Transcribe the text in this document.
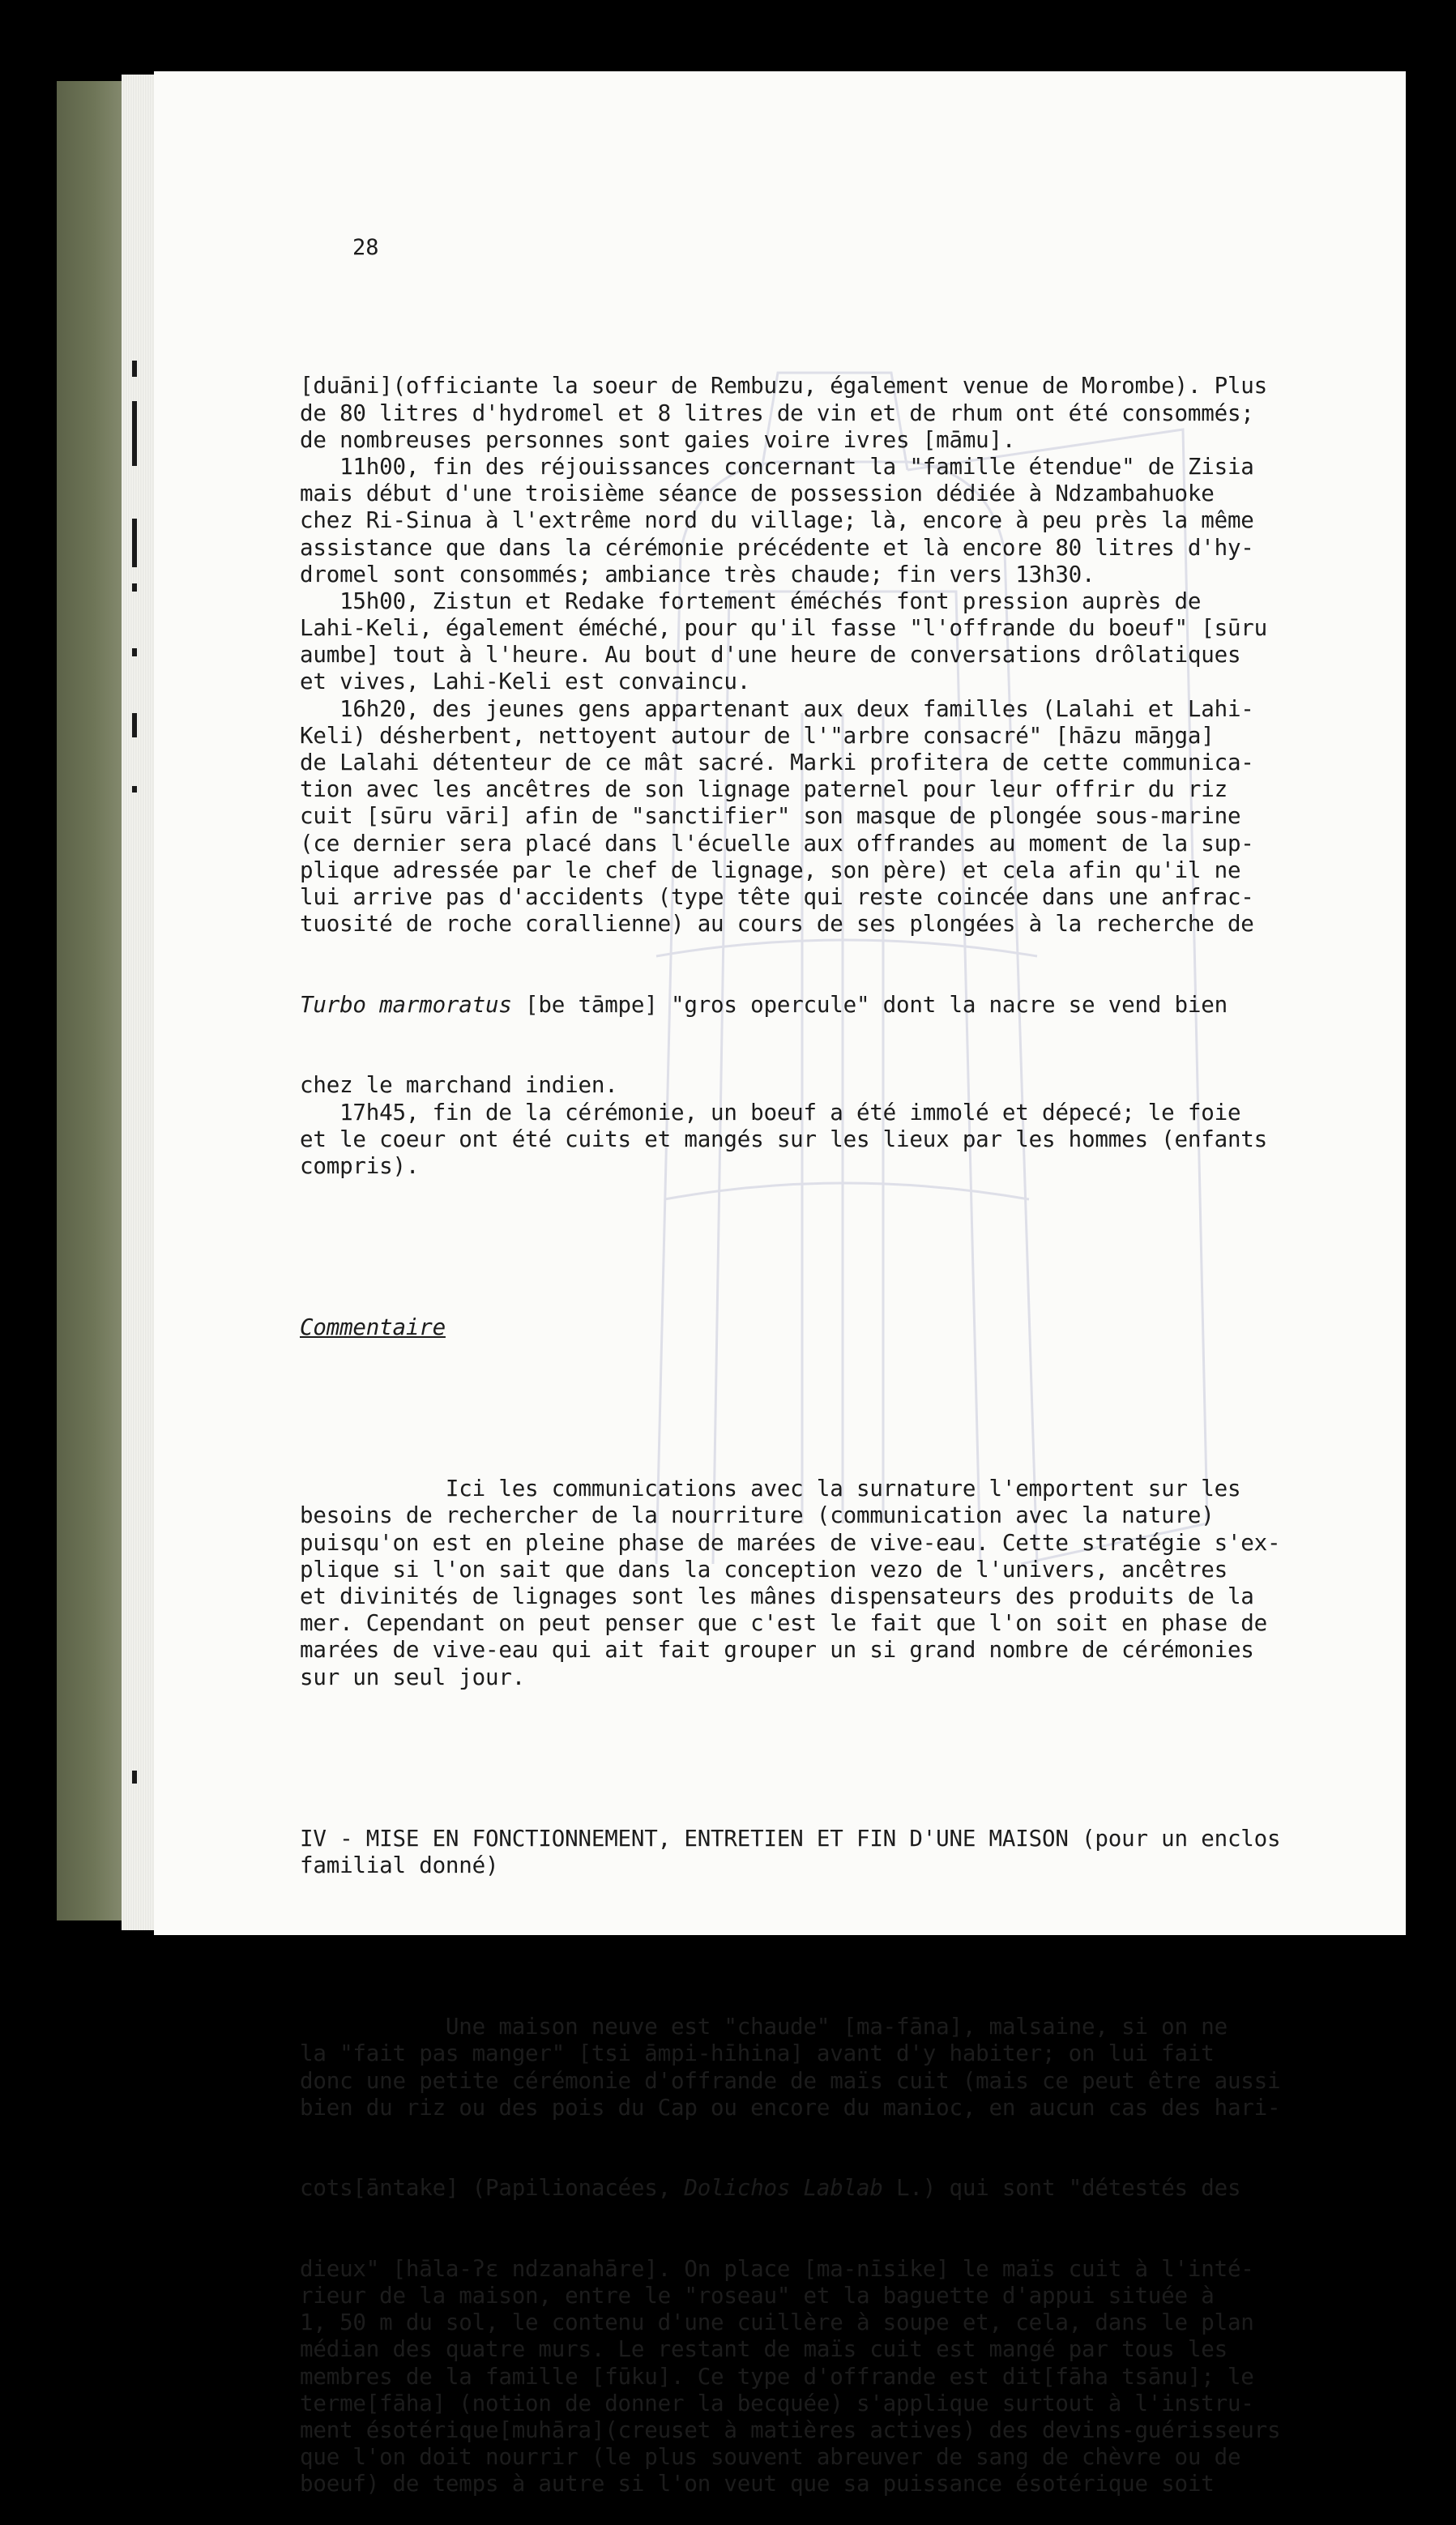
28

[duāni](officiante la soeur de Rembuzu, également venue de Morombe). Plus
de 80 litres d'hydromel et 8 litres de vin et de rhum ont été consommés;
de nombreuses personnes sont gaies voire ivres [māmu].
11h00, fin des réjouissances concernant la "famille étendue" de Zisia
mais début d'une troisième séance de possession dédiée à Ndzambahuoke
chez Ri-Sinua à l'extrême nord du village; là, encore à peu près la même
assistance que dans la cérémonie précédente et là encore 80 litres d'hy-
dromel sont consommés; ambiance très chaude; fin vers 13h30.
15h00, Zistun et Redake fortement éméchés font pression auprès de
Lahi-Keli, également éméché, pour qu'il fasse "l'offrande du boeuf" [sūru
aumbe] tout à l'heure. Au bout d'une heure de conversations drôlatiques
et vives, Lahi-Keli est convaincu.
16h20, des jeunes gens appartenant aux deux familles (Lalahi et Lahi-
Keli) désherbent, nettoyent autour de l'"arbre consacré" [hāzu māŋga]
de Lalahi détenteur de ce mât sacré. Marki profitera de cette communica-
tion avec les ancêtres de son lignage paternel pour leur offrir du riz
cuit [sūru vāri] afin de "sanctifier" son masque de plongée sous-marine
(ce dernier sera placé dans l'écuelle aux offrandes au moment de la sup-
plique adressée par le chef de lignage, son père) et cela afin qu'il ne
lui arrive pas d'accidents (type tête qui reste coincée dans une anfrac-
tuosité de roche corallienne) au cours de ses plongées à la recherche de

Turbo marmoratus [be tāmpe] "gros opercule" dont la nacre se vend bien

chez le marchand indien.
17h45, fin de la cérémonie, un boeuf a été immolé et dépecé; le foie
et le coeur ont été cuits et mangés sur les lieux par les hommes (enfants
compris).

Commentaire

Ici les communications avec la surnature l'emportent sur les
besoins de rechercher de la nourriture (communication avec la nature)
puisqu'on est en pleine phase de marées de vive-eau. Cette stratégie s'ex-
plique si l'on sait que dans la conception vezo de l'univers, ancêtres
et divinités de lignages sont les mânes dispensateurs des produits de la
mer. Cependant on peut penser que c'est le fait que l'on soit en phase de
marées de vive-eau qui ait fait grouper un si grand nombre de cérémonies
sur un seul jour.

IV - MISE EN FONCTIONNEMENT, ENTRETIEN ET FIN D'UNE MAISON (pour un enclos
familial donné)

Une maison neuve est "chaude" [ma-fāna], malsaine, si on ne
la "fait pas manger" [tsi āmpi-hīhina] avant d'y habiter; on lui fait
donc une petite cérémonie d'offrande de maïs cuit (mais ce peut être aussi
bien du riz ou des pois du Cap ou encore du manioc, en aucun cas des hari-

cots[āntake] (Papilionacées, Dolichos Lablab L.) qui sont "détestés des

dieux" [hāla-ʔɛ ndzanahāre]. On place [ma-nīsike] le maïs cuit à l'inté-
rieur de la maison, entre le "roseau" et la baguette d'appui située à
1, 50 m du sol, le contenu d'une cuillère à soupe et, cela, dans le plan
médian des quatre murs. Le restant de maïs cuit est mangé par tous les
membres de la famille [fūku]. Ce type d'offrande est dit[fāha tsānu]; le
terme[fāha] (notion de donner la becquée) s'applique surtout à l'instru-
ment ésotérique[muhāra](creuset à matières actives) des devins-guérisseurs
que l'on doit nourrir (le plus souvent abreuver de sang de chèvre ou de
boeuf) de temps à autre si l'on veut que sa puissance ésotérique soit
